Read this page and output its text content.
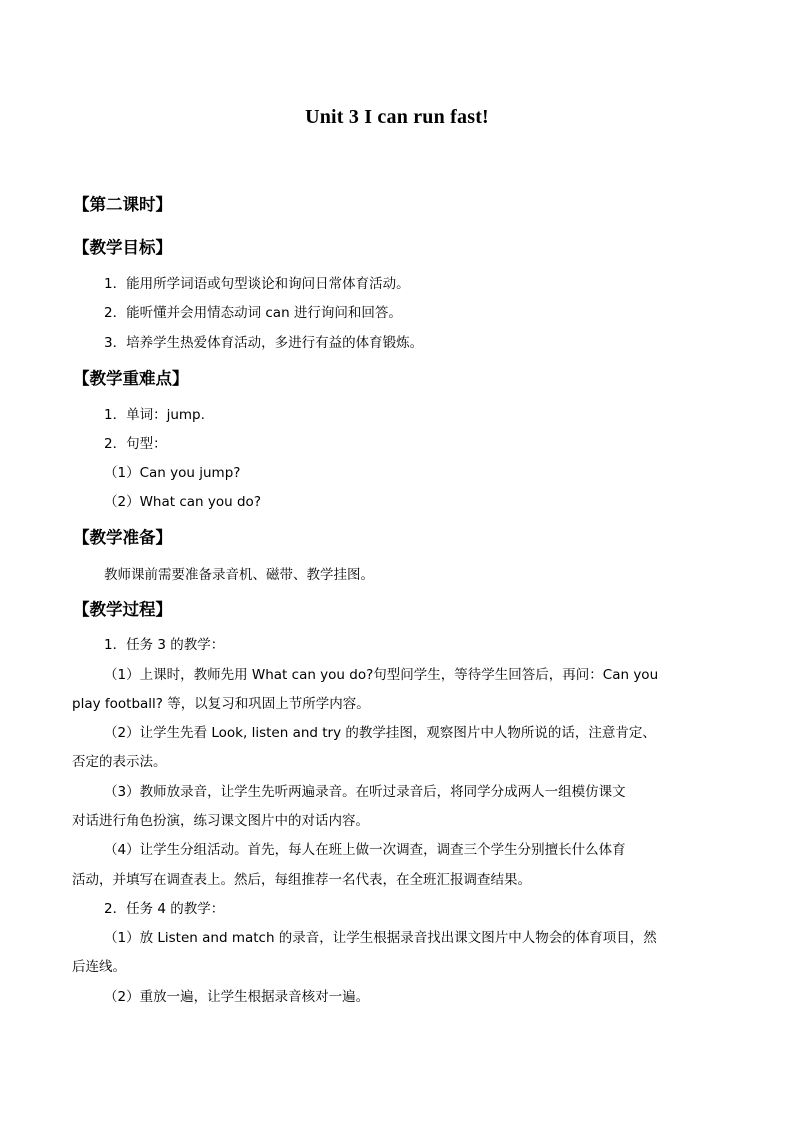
Unit 3 I can run fast!
【第二课时】
【教学目标】
1．能用所学词语或句型谈论和询问日常体育活动。
2．能听懂并会用情态动词 can 进行询问和回答。
3．培养学生热爱体育活动，多进行有益的体育锻炼。
【教学重难点】
1．单词：jump.
2．句型：
（1）Can you jump?
（2）What can you do?
【教学准备】
教师课前需要准备录音机、磁带、教学挂图。
【教学过程】
1．任务 3 的教学：
（1）上课时，教师先用 What can you do?句型问学生，等待学生回答后，再问：Can you
play football? 等，以复习和巩固上节所学内容。
（2）让学生先看 Look, listen and try 的教学挂图，观察图片中人物所说的话，注意肯定、
否定的表示法。
（3）教师放录音，让学生先听两遍录音。在听过录音后，将同学分成两人一组模仿课文
对话进行角色扮演，练习课文图片中的对话内容。
（4）让学生分组活动。首先，每人在班上做一次调查，调查三个学生分别擅长什么体育
活动，并填写在调查表上。然后，每组推荐一名代表，在全班汇报调查结果。
2．任务 4 的教学：
（1）放 Listen and match 的录音，让学生根据录音找出课文图片中人物会的体育项目，然
后连线。
（2）重放一遍，让学生根据录音核对一遍。
